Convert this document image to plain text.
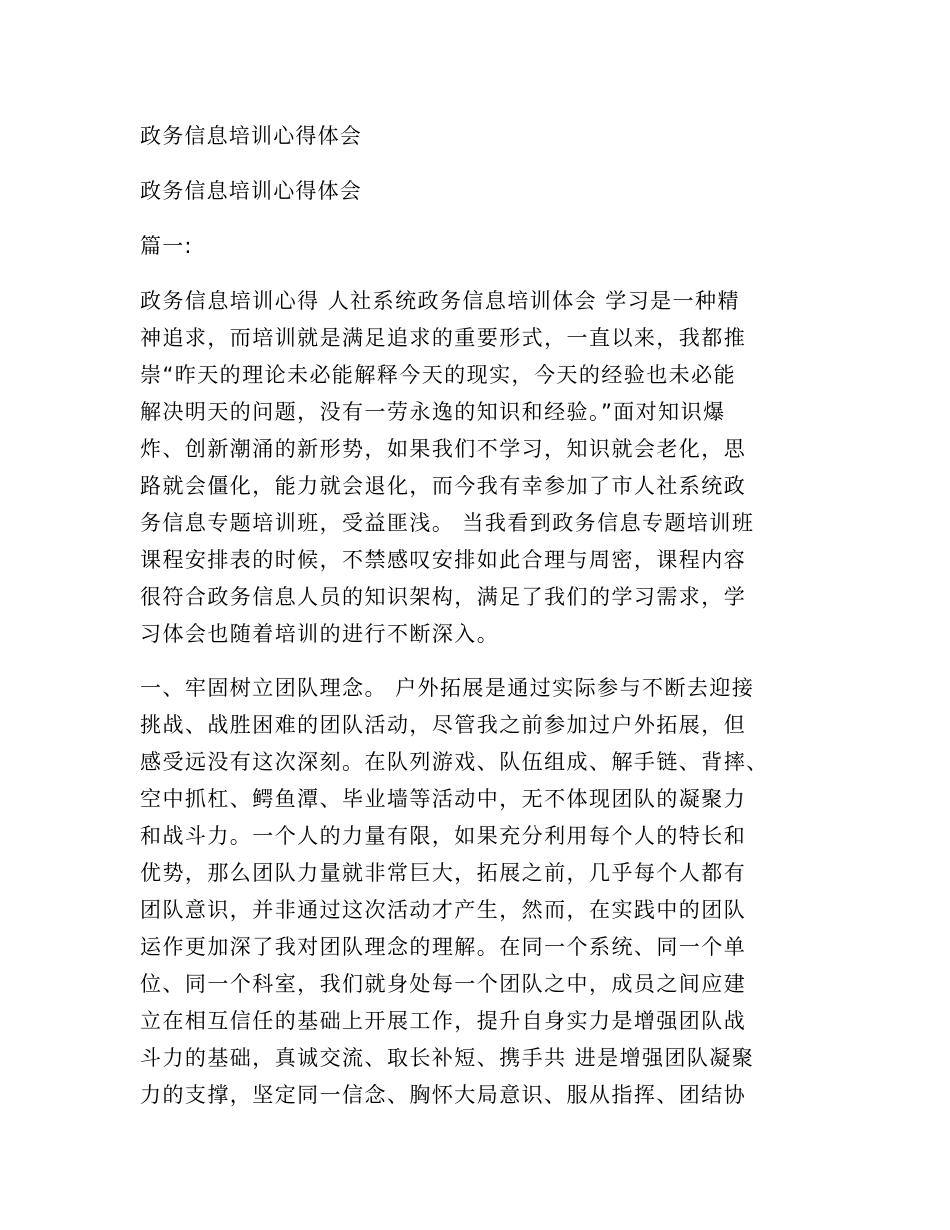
政务信息培训心得体会
政务信息培训心得体会
篇一:
政务信息培训心得 人社系统政务信息培训体会 学习是一种精
神追求，而培训就是满足追求的重要形式，一直以来，我都推
崇“昨天的理论未必能解释今天的现实，今天的经验也未必能
解决明天的问题，没有一劳永逸的知识和经验。”面对知识爆
炸、创新潮涌的新形势，如果我们不学习，知识就会老化，思
路就会僵化，能力就会退化，而今我有幸参加了市人社系统政
务信息专题培训班，受益匪浅。 当我看到政务信息专题培训班
课程安排表的时候，不禁感叹安排如此合理与周密，课程内容
很符合政务信息人员的知识架构，满足了我们的学习需求，学
习体会也随着培训的进行不断深入。
一、牢固树立团队理念。 户外拓展是通过实际参与不断去迎接
挑战、战胜困难的团队活动，尽管我之前参加过户外拓展，但
感受远没有这次深刻。在队列游戏、队伍组成、解手链、背摔、
空中抓杠、鳄鱼潭、毕业墙等活动中，无不体现团队的凝聚力
和战斗力。一个人的力量有限，如果充分利用每个人的特长和
优势，那么团队力量就非常巨大，拓展之前，几乎每个人都有
团队意识，并非通过这次活动才产生，然而，在实践中的团队
运作更加深了我对团队理念的理解。在同一个系统、同一个单
位、同一个科室，我们就身处每一个团队之中，成员之间应建
立在相互信任的基础上开展工作，提升自身实力是增强团队战
斗力的基础，真诚交流、取长补短、携手共 进是增强团队凝聚
力的支撑，坚定同一信念、胸怀大局意识、服从指挥、团结协
